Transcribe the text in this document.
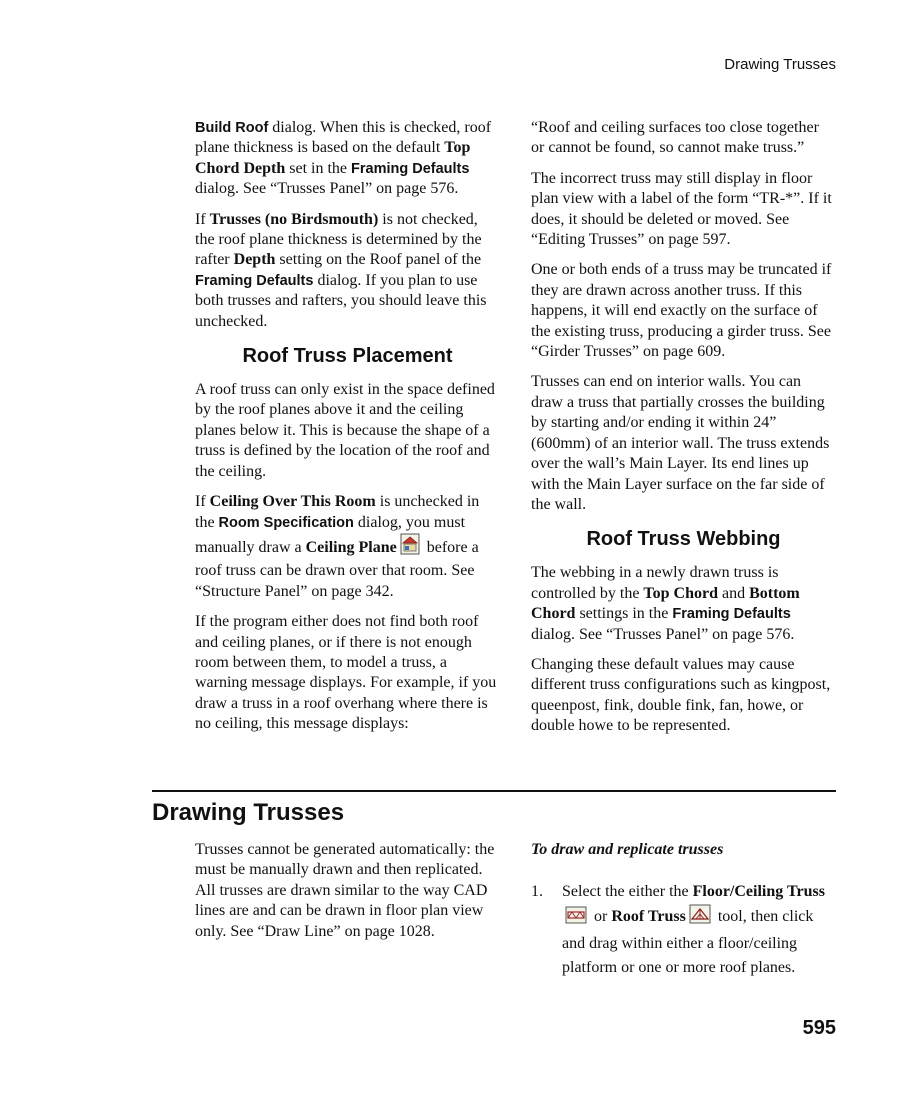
Drawing Trusses

Build Roof dialog. When this is checked, roof plane thickness is based on the default Top Chord Depth set in the Framing Defaults dialog. See “Trusses Panel” on page 576.

If Trusses (no Birdsmouth) is not checked, the roof plane thickness is determined by the rafter Depth setting on the Roof panel of the Framing Defaults dialog. If you plan to use both trusses and rafters, you should leave this unchecked.

Roof Truss Placement

A roof truss can only exist in the space defined by the roof planes above it and the ceiling planes below it. This is because the shape of a truss is defined by the location of the roof and the ceiling.

If Ceiling Over This Room is unchecked in the Room Specification dialog, you must manually draw a Ceiling Plane before a roof truss can be drawn over that room. See “Structure Panel” on page 342.

If the program either does not find both roof and ceiling planes, or if there is not enough room between them, to model a truss, a warning message displays. For example, if you draw a truss in a roof overhang where there is no ceiling, this message displays:

“Roof and ceiling surfaces too close together or cannot be found, so cannot make truss.”

The incorrect truss may still display in floor plan view with a label of the form “TR-*”. If it does, it should be deleted or moved. See “Editing Trusses” on page 597.

One or both ends of a truss may be truncated if they are drawn across another truss. If this happens, it will end exactly on the surface of the existing truss, producing a girder truss. See “Girder Trusses” on page 609.

Trusses can end on interior walls. You can draw a truss that partially crosses the building by starting and/or ending it within 24” (600mm) of an interior wall. The truss extends over the wall’s Main Layer. Its end lines up with the Main Layer surface on the far side of the wall.

Roof Truss Webbing

The webbing in a newly drawn truss is controlled by the Top Chord and Bottom Chord settings in the Framing Defaults dialog. See “Trusses Panel” on page 576.

Changing these default values may cause different truss configurations such as kingpost, queenpost, fink, double fink, fan, howe, or double howe to be represented.

Drawing Trusses

Trusses cannot be generated automatically: the must be manually drawn and then replicated. All trusses are drawn similar to the way CAD lines are and can be drawn in floor plan view only. See “Draw Line” on page 1028.

To draw and replicate trusses

1. Select the either the Floor/Ceiling Truss or Roof Truss tool, then click and drag within either a floor/ceiling platform or one or more roof planes.

595
